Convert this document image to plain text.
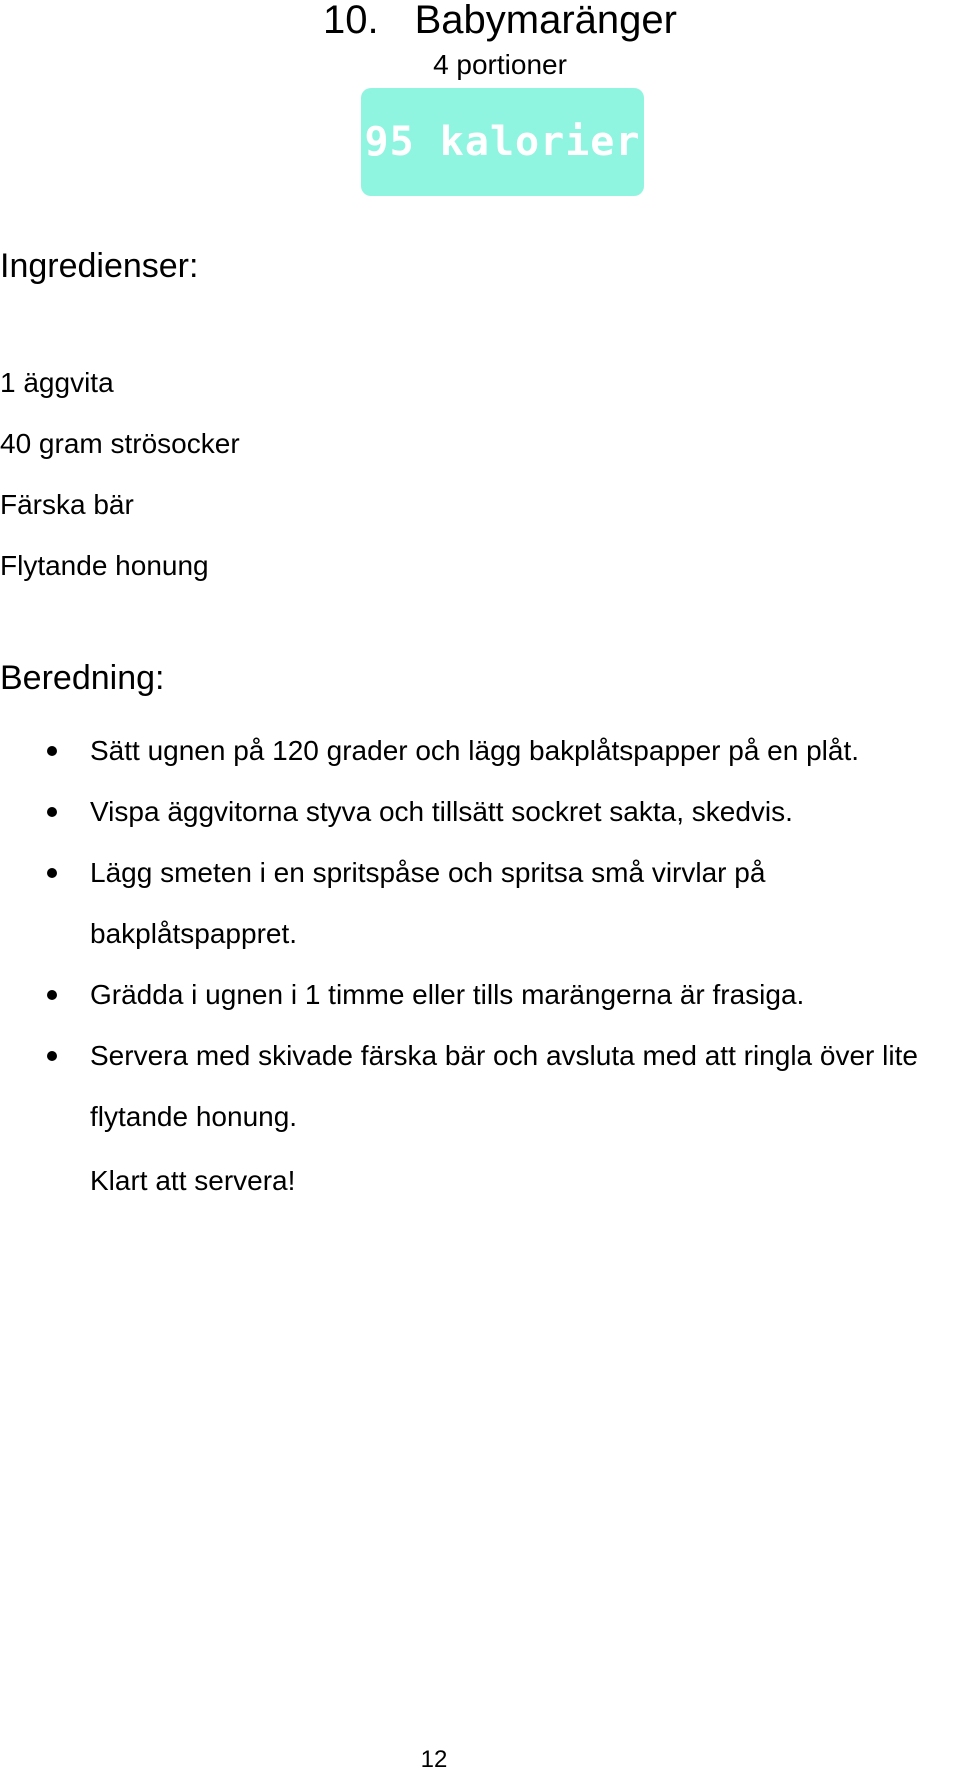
10. Babymaränger
4 portioner
95 kalorier
Ingredienser:
1 äggvita
40 gram strösocker
Färska bär
Flytande honung
Beredning:
Sätt ugnen på 120 grader och lägg bakplåtspapper på en plåt.
Vispa äggvitorna styva och tillsätt sockret sakta, skedvis.
Lägg smeten i en spritspåse och spritsa små virvlar på bakplåtspappret.
Grädda i ugnen i 1 timme eller tills marängerna är frasiga.
Servera med skivade färska bär och avsluta med att ringla över lite flytande honung.
Klart att servera!
12
